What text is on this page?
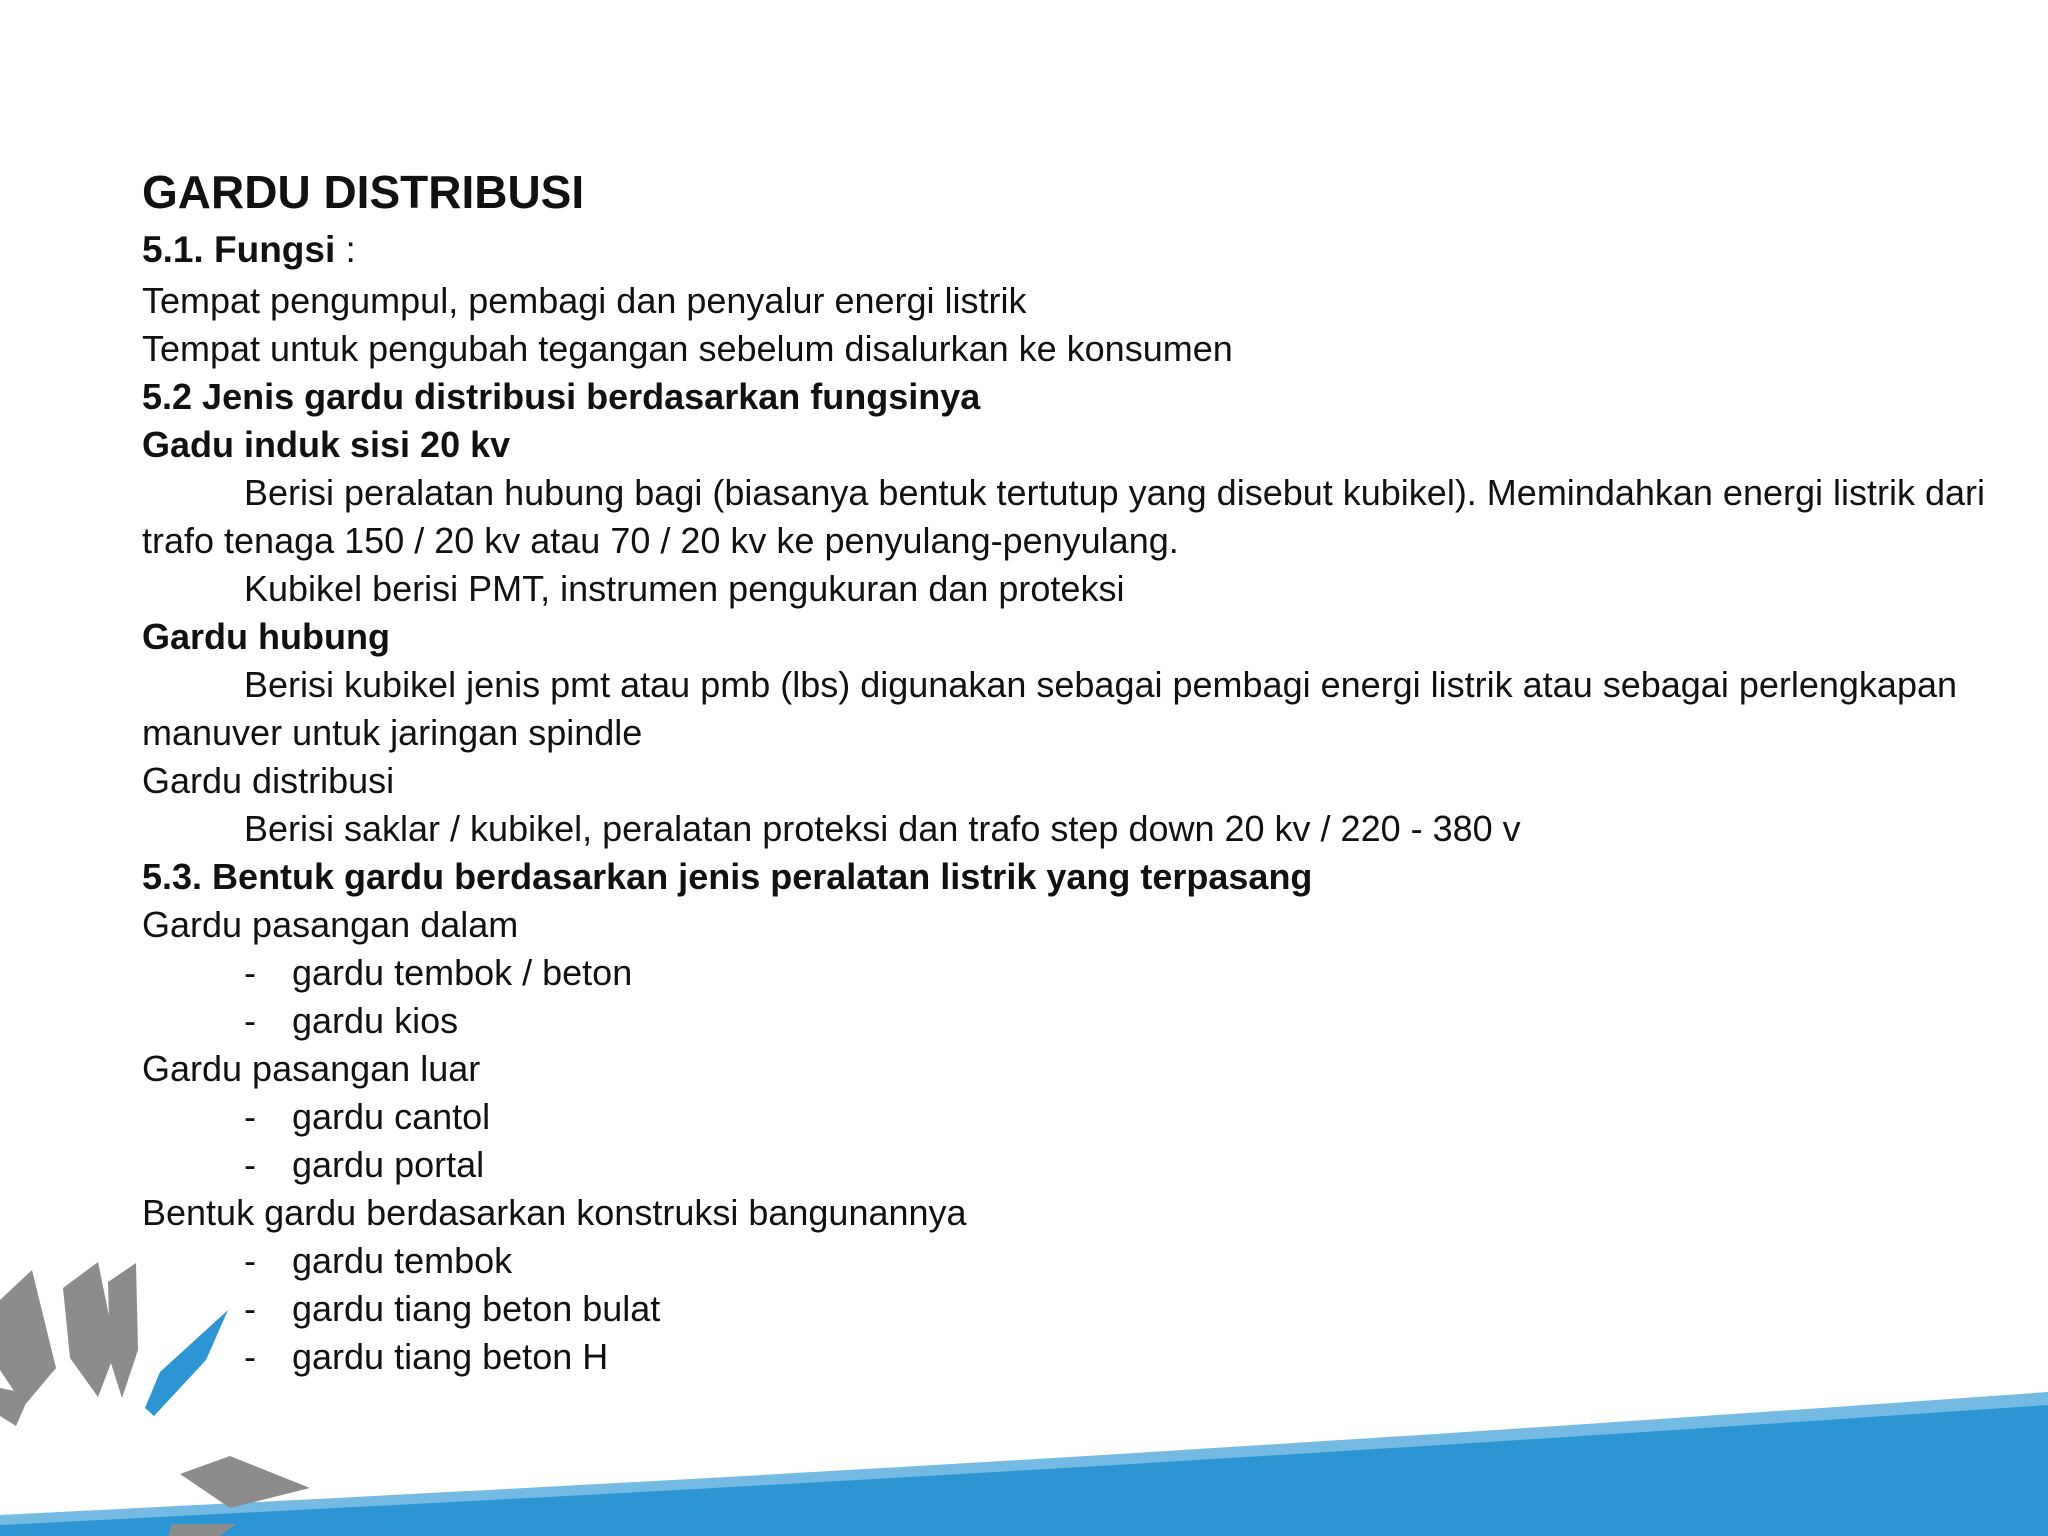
GARDU DISTRIBUSI
5.1. Fungsi :
Tempat pengumpul, pembagi dan penyalur energi listrik
Tempat untuk pengubah tegangan sebelum disalurkan ke konsumen
5.2 Jenis gardu distribusi berdasarkan fungsinya
Gadu induk sisi 20 kv
Berisi peralatan hubung bagi (biasanya bentuk tertutup yang disebut kubikel). Memindahkan energi listrik dari trafo tenaga 150 / 20 kv atau 70 / 20 kv ke penyulang-penyulang.
Kubikel berisi PMT, instrumen pengukuran dan proteksi
Gardu hubung
Berisi kubikel jenis pmt atau pmb (lbs) digunakan sebagai pembagi energi listrik atau sebagai perlengkapan manuver untuk jaringan spindle
Gardu distribusi
Berisi saklar / kubikel, peralatan proteksi dan trafo step down 20 kv / 220 - 380 v
5.3. Bentuk gardu berdasarkan jenis peralatan listrik yang terpasang
Gardu pasangan dalam
-	gardu tembok / beton
-	gardu kios
Gardu pasangan luar
-	gardu cantol
-	gardu portal
Bentuk gardu berdasarkan konstruksi bangunannya
-	gardu tembok
-	gardu tiang beton bulat
-	gardu tiang beton H
